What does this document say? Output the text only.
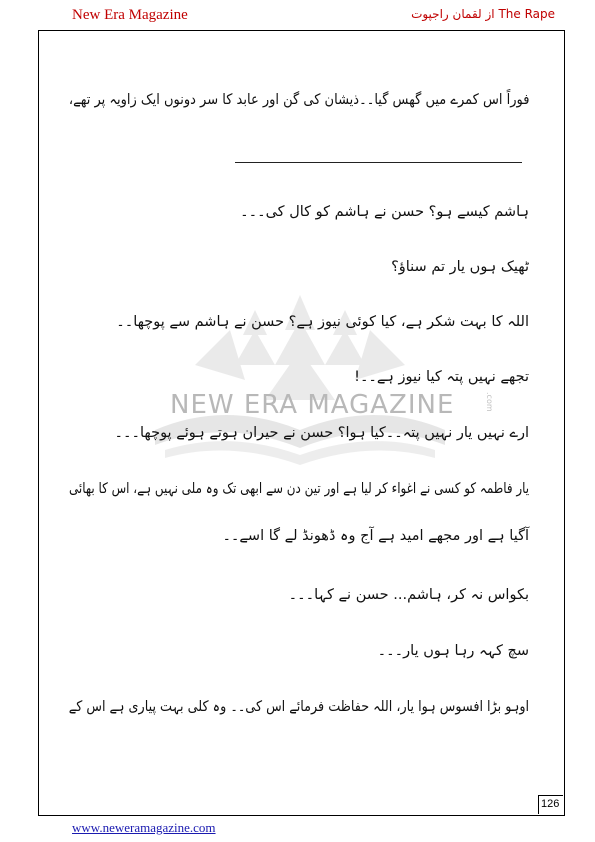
New Era Magazine	The Rape از لقمان راجپوت
NEW ERA MAGAZINE	.com
فوراً اس کمرے میں گھس گیا۔۔ذیشان کی گن اور عابد کا سر دونوں ایک زاویہ پر تھے،
ہاشم کیسے ہو؟ حسن نے ہاشم کو کال کی۔۔۔
ٹھیک ہوں یار تم سناؤ؟
اللہ کا بہت شکر ہے، کیا کوئی نیوز ہے؟ حسن نے ہاشم سے پوچھا۔۔
تجھے نہیں پتہ کیا نیوز ہے۔۔!
ارے نہیں یار نہیں پتہ۔۔کیا ہوا؟ حسن نے حیران ہوتے ہوئے پوچھا۔۔۔
یار فاطمہ کو کسی نے اغواء کر لیا ہے اور تین دن سے ابھی تک وہ ملی نہیں ہے، اس کا بھائی
آگیا ہے اور مجھے امید ہے آج وہ ڈھونڈ لے گا اسے۔۔
بکواس نہ کر، ہاشم... حسن نے کہا۔۔۔
سچ کہہ رہا ہوں یار۔۔۔
اوہو بڑا افسوس ہوا یار، اللہ حفاظت فرمائے اس کی۔۔ وہ کلی بہت پیاری ہے اس کے
126
www.neweramagazine.com
